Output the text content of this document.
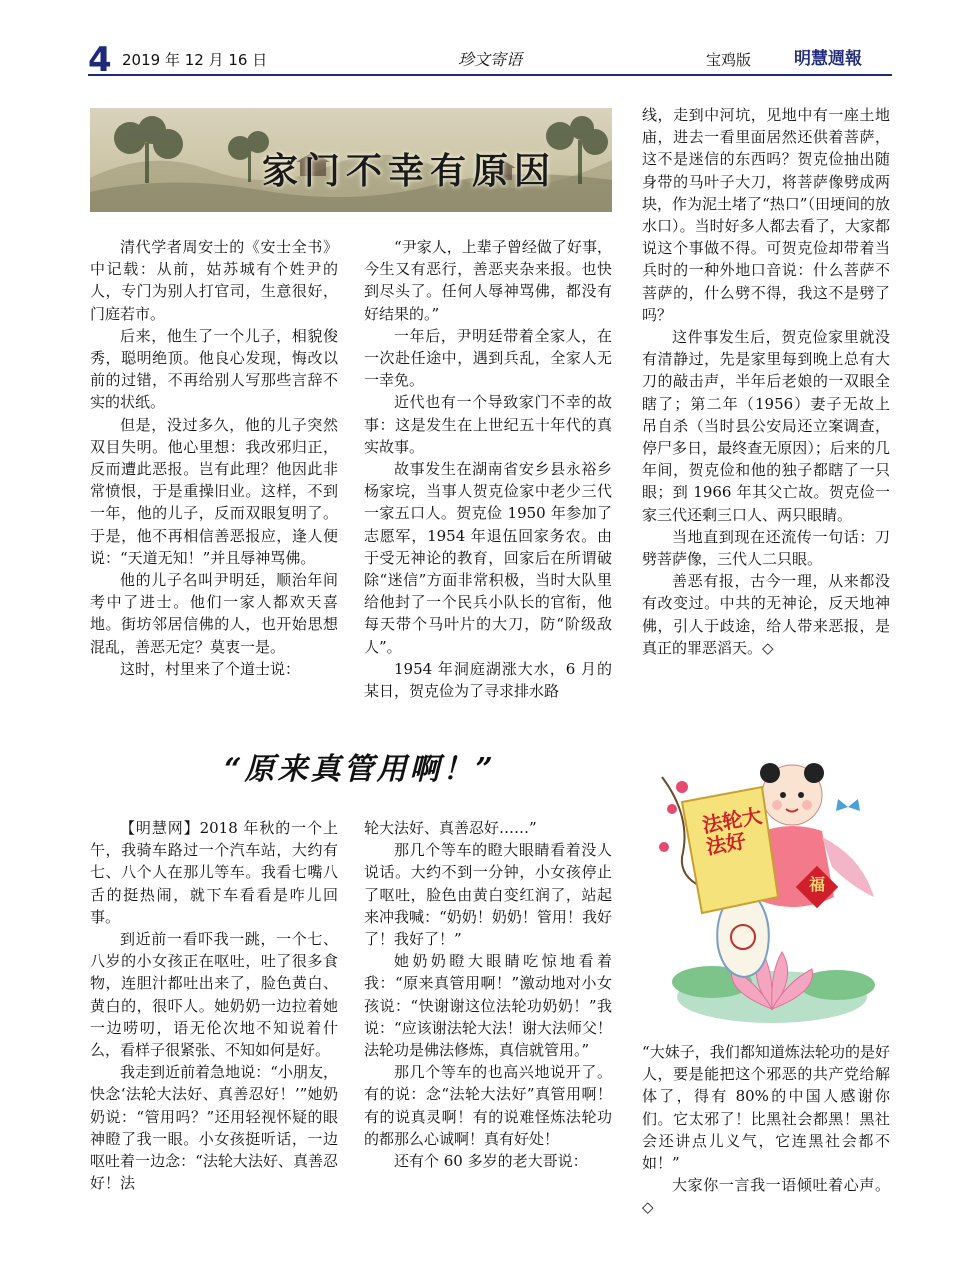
4 2019 年 12 月 16 日	珍文寄语	宝鸡版	明慧週報
家门不幸有原因

清代学者周安士的《安士全书》中记载：从前，姑苏城有个姓尹的人，专门为别人打官司，生意很好，门庭若市。

后来，他生了一个儿子，相貌俊秀，聪明绝顶。他良心发现，悔改以前的过错，不再给别人写那些言辞不实的状纸。

但是，没过多久，他的儿子突然双目失明。他心里想：我改邪归正，反而遭此恶报。岂有此理？他因此非常愤恨，于是重操旧业。这样，不到一年，他的儿子，反而双眼复明了。于是，他不再相信善恶报应，逢人便说：“天道无知！”并且辱神骂佛。

他的儿子名叫尹明廷，顺治年间考中了进士。他们一家人都欢天喜地。街坊邻居信佛的人，也开始思想混乱，善恶无定？莫衷一是。

这时，村里来了个道士说：

“尹家人，上辈子曾经做了好事，今生又有恶行，善恶夹杂来报。也快到尽头了。任何人辱神骂佛，都没有好结果的。”

一年后，尹明廷带着全家人，在一次赴任途中，遇到兵乱，全家人无一幸免。

近代也有一个导致家门不幸的故事：这是发生在上世纪五十年代的真实故事。

故事发生在湖南省安乡县永裕乡杨家垸，当事人贺克俭家中老少三代一家五口人。贺克俭 1950 年参加了志愿军，1954 年退伍回家务农。由于受无神论的教育，回家后在所谓破除“迷信”方面非常积极，当时大队里给他封了一个民兵小队长的官衔，他每天带个马叶片的大刀，防“阶级敌人”。

1954 年洞庭湖涨大水，6 月的某日，贺克俭为了寻求排水路

线，走到中河坑，见地中有一座土地庙，进去一看里面居然还供着菩萨，这不是迷信的东西吗？贺克俭抽出随身带的马叶子大刀，将菩萨像劈成两块，作为泥土堵了“热口”（田埂间的放水口）。当时好多人都去看了，大家都说这个事做不得。可贺克俭却带着当兵时的一种外地口音说：什么菩萨不菩萨的，什么劈不得，我这不是劈了吗？

这件事发生后，贺克俭家里就没有清静过，先是家里每到晚上总有大刀的敲击声，半年后老娘的一双眼全瞎了；第二年（1956）妻子无故上吊自杀（当时县公安局还立案调查，停尸多日，最终查无原因）；后来的几年间，贺克俭和他的独子都瞎了一只眼；到 1966 年其父亡故。贺克俭一家三代还剩三口人、两只眼睛。

当地直到现在还流传一句话：刀劈菩萨像，三代人二只眼。

善恶有报，古今一理，从来都没有改变过。中共的无神论，反天地神佛，引人于歧途，给人带来恶报，是真正的罪恶滔天。◇

“原来真管用啊！”

【明慧网】2018 年秋的一个上午，我骑车路过一个汽车站，大约有七、八个人在那儿等车。我看七嘴八舌的挺热闹，就下车看看是咋儿回事。

到近前一看吓我一跳，一个七、八岁的小女孩正在呕吐，吐了很多食物，连胆汁都吐出来了，脸色黄白、黄白的，很吓人。她奶奶一边拉着她一边唠叨，语无伦次地不知说着什么，看样子很紧张、不知如何是好。

我走到近前着急地说：“小朋友，快念‘法轮大法好、真善忍好！’”她奶奶说：“管用吗？”还用轻视怀疑的眼神瞪了我一眼。小女孩挺听话，一边呕吐着一边念：“法轮大法好、真善忍好！法

轮大法好、真善忍好……”

那几个等车的瞪大眼睛看着没人说话。大约不到一分钟，小女孩停止了呕吐，脸色由黄白变红润了，站起来冲我喊：“奶奶！奶奶！管用！我好了！我好了！”

她奶奶瞪大眼睛吃惊地看着我：“原来真管用啊！”激动地对小女孩说：“快谢谢这位法轮功奶奶！”我说：“应该谢法轮大法！谢大法师父！法轮功是佛法修炼，真信就管用。”

那几个等车的也高兴地说开了。有的说：念“法轮大法好”真管用啊！有的说真灵啊！有的说难怪炼法轮功的都那么心诚啊！真有好处！

还有个 60 多岁的老大哥说：

法轮大法好
福

“大妹子，我们都知道炼法轮功的是好人，要是能把这个邪恶的共产党给解体了，得有 80%的中国人感谢你们。它太邪了！比黑社会都黑！黑社会还讲点儿义气，它连黑社会都不如！”

大家你一言我一语倾吐着心声。◇
